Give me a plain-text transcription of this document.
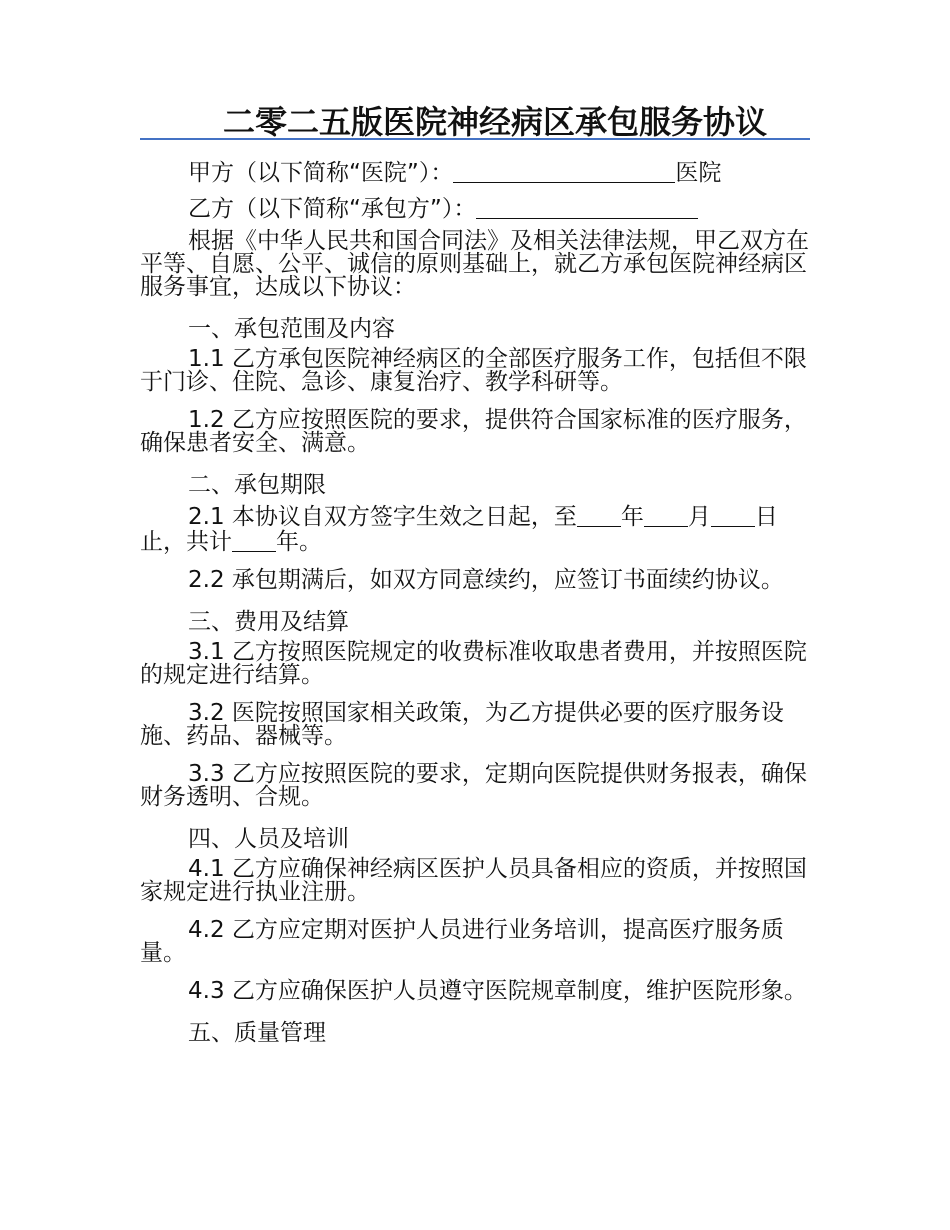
二零二五版医院神经病区承包服务协议

甲方（以下简称“医院”）：	医院

乙方（以下简称“承包方”）：

根据《中华人民共和国合同法》及相关法律法规，甲乙双方在平等、自愿、公平、诚信的原则基础上，就乙方承包医院神经病区服务事宜，达成以下协议：

一、承包范围及内容

1.1 乙方承包医院神经病区的全部医疗服务工作，包括但不限于门诊、住院、急诊、康复治疗、教学科研等。

1.2 乙方应按照医院的要求，提供符合国家标准的医疗服务，确保患者安全、满意。

二、承包期限

2.1 本协议自双方签字生效之日起，至 年 月 日止，共计 年。

2.2 承包期满后，如双方同意续约，应签订书面续约协议。

三、费用及结算

3.1 乙方按照医院规定的收费标准收取患者费用，并按照医院的规定进行结算。

3.2 医院按照国家相关政策，为乙方提供必要的医疗服务设施、药品、器械等。

3.3 乙方应按照医院的要求，定期向医院提供财务报表，确保财务透明、合规。

四、人员及培训

4.1 乙方应确保神经病区医护人员具备相应的资质，并按照国家规定进行执业注册。

4.2 乙方应定期对医护人员进行业务培训，提高医疗服务质量。

4.3 乙方应确保医护人员遵守医院规章制度，维护医院形象。

五、质量管理
